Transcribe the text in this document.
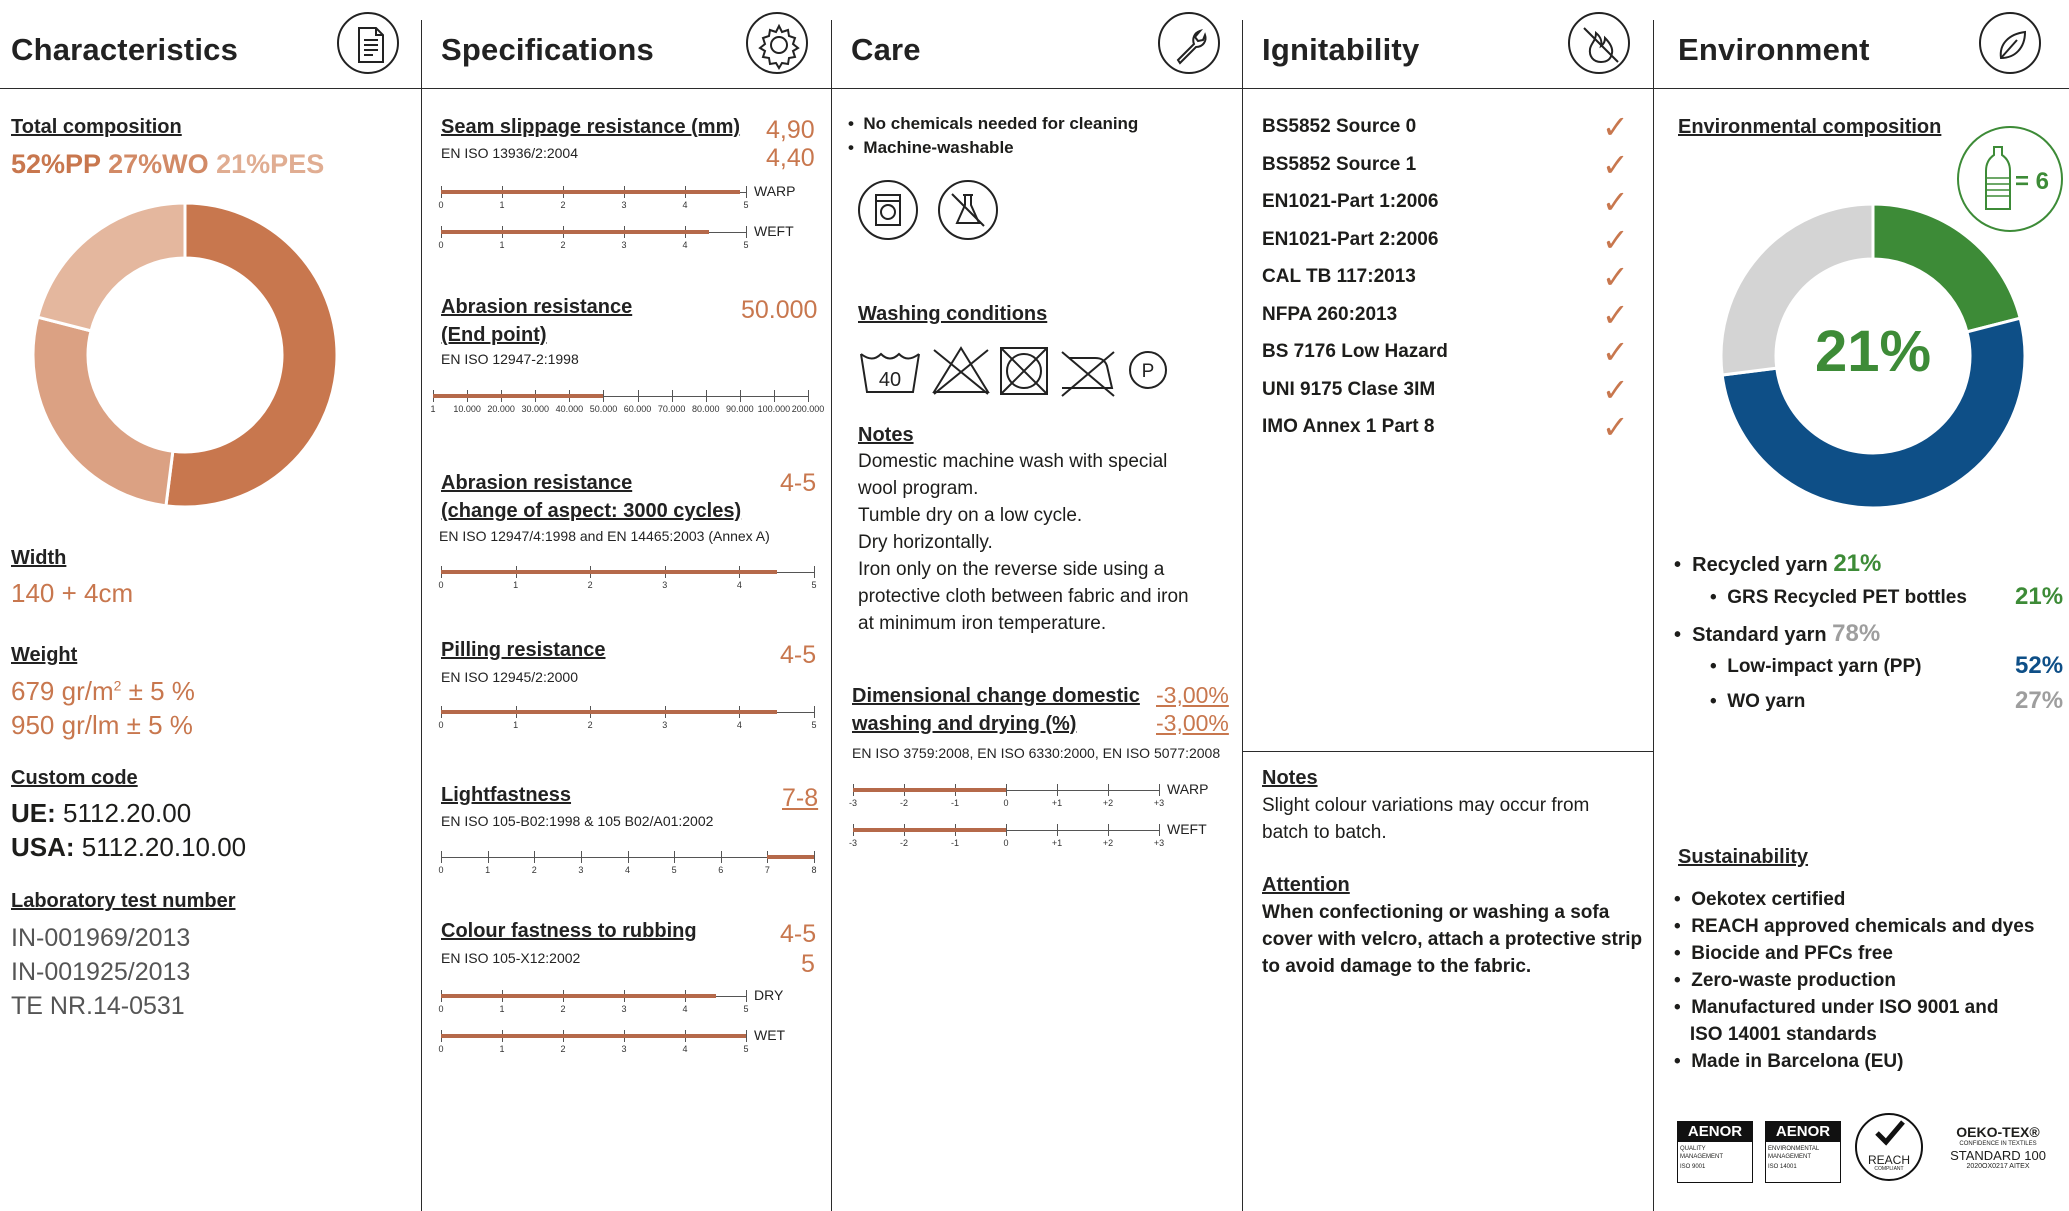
Characteristics
Total composition
52%PP 27%WO 21%PES
Width
140 + 4cm
Weight
679 $gr/m^2 \pm 5$ %
950 gr/lm ± 5 %
Custom code
UE: 5112.20.00
USA: 5112.20.10.00
Laboratory test number
IN-001969/2013
IN-001925/2013
TE NR.14-0531
Specifications
Seam slippage resistance (mm)
EN ISO 13936/2:2004
4,90
4,40
0	1	2	3	4	5
WARP
0	1	2	3	4	5
WEFT
Abrasion resistance
(End point)
EN ISO 12947-2:1998
50.000
1 10.000 20.000 30.000 40.000 50.000 60.000 70.000 80.000 90.000 100.000 200.000
Abrasion resistance
(change of aspect: 3000 cycles)
EN ISO 12947/4:1998 and EN 14465:2003 (Annex A)
4-5
0	1	2	3	4	5
Pilling resistance
EN ISO 12945/2:2000
4-5
0	1	2	3	4	5
Lightfastness
EN ISO 105-B02:1998 & 105 B02/A01:2002
7-8
0	1	2	3	4	5	6	7	8
Colour fastness to rubbing
EN ISO 105-X12:2002
4-5
5
0	1	2	3	4	5
DRY
0	1	2	3	4	5
WET
Care
•  No chemicals needed for cleaning
•  Machine-washable
Washing conditions
40	P
Notes
Domestic machine wash with special
wool program.
Tumble dry on a low cycle.
Dry horizontally.
Iron only on the reverse side using a
protective cloth between fabric and iron
at minimum iron temperature.
Dimensional change domestic
washing and drying (%)
-3,00%
-3,00%
EN ISO 3759:2008, EN ISO 6330:2000, EN ISO 5077:2008
-3	-2	-1	0	+1	+2	+3
WARP
-3	-2	-1	0	+1	+2	+3
WEFT
Ignitability
BS5852 Source 0	✓
BS5852 Source 1	✓
EN1021-Part 1:2006	✓
EN1021-Part 2:2006	✓
CAL TB 117:2013	✓
NFPA 260:2013	✓
BS 7176 Low Hazard	✓
UNI 9175 Clase 3IM	✓
IMO Annex 1 Part 8	✓
Notes
Slight colour variations may occur from
batch to batch.
Attention
When confectioning or washing a sofa
cover with velcro, attach a protective strip
to avoid damage to the fabric.
Environment
Environmental composition
= 6
21%
•  Recycled yarn 21%
•  GRS Recycled PET bottles 21%
•  Standard yarn 78%
•  Low-impact yarn (PP)	52%
•  WO yarn	27%
Sustainability
•  Oekotex certified
•  REACH approved chemicals and dyes
•  Biocide and PFCs free
•  Zero-waste production
•  Manufactured under ISO 9001 and
ISO 14001 standards
•  Made in Barcelona (EU)
AENOR
QUALITY MANAGEMENT
ISO 9001
AENOR
ENVIRONMENTAL MANAGEMENT
ISO 14001	REACH
COMPLIANT
OEKO-TEX®
CONFIDENCE IN TEXTILES
STANDARD 100
2020OX0217 AITEX
